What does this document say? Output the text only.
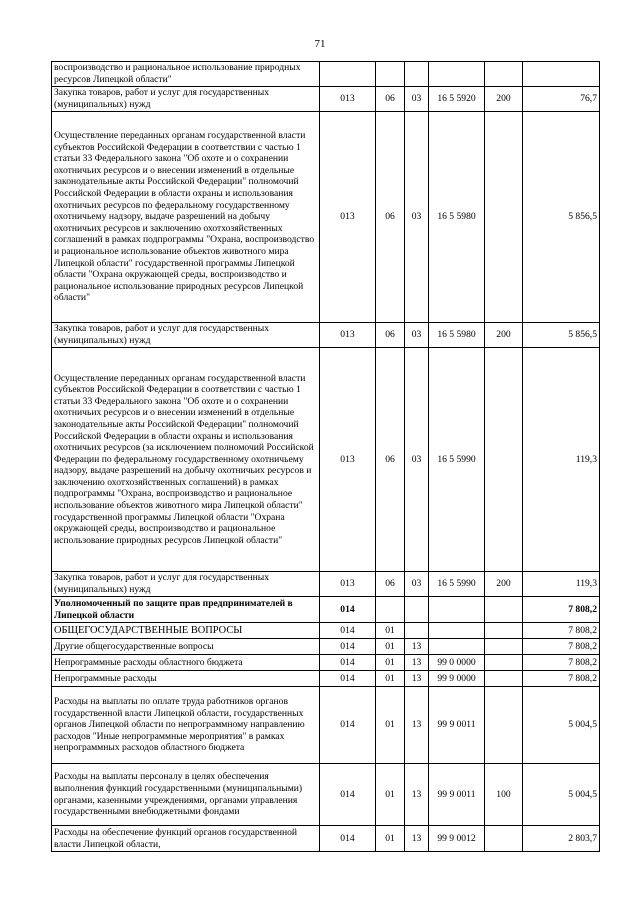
71
воспроизводство и рациональное использование природных ресурсов Липецкой области"						
Закупка товаров, работ и услуг для государственных (муниципальных) нужд	013	06	03	16 5 5920	200	76,7
Осуществление переданных органам государственной власти субъектов Российской Федерации в соответствии с частью 1 статьи 33 Федерального закона "Об охоте и о сохранении охотничьих ресурсов и о внесении изменений в отдельные законодательные акты Российской Федерации" полномочий Российской Федерации в области охраны и использования охотничьих ресурсов по федеральному государственному охотничьему надзору, выдаче разрешений на добычу охотничьих ресурсов и заключению охотхозяйственных соглашений в рамках подпрограммы "Охрана, воспроизводство и рациональное использование объектов животного мира Липецкой области" государственной программы Липецкой области "Охрана окружающей среды, воспроизводство и рациональное использование природных ресурсов Липецкой области"	013	06	03	16 5 5980		5 856,5
Закупка товаров, работ и услуг для государственных (муниципальных) нужд	013	06	03	16 5 5980	200	5 856,5
Осуществление переданных органам государственной власти субъектов Российской Федерации в соответствии с частью 1 статьи 33 Федерального закона "Об охоте и о сохранении охотничьих ресурсов и о внесении изменений в отдельные законодательные акты Российской Федерации" полномочий Российской Федерации в области охраны и использования охотничьих ресурсов (за исключением полномочий Российской Федерации по федеральному государственному охотничьему надзору, выдаче разрешений на добычу охотничьих ресурсов и заключению охотхозяйственных соглашений) в рамках подпрограммы "Охрана, воспроизводство и рациональное использование объектов животного мира Липецкой области" государственной программы Липецкой области "Охрана окружающей среды, воспроизводство и рациональное использование природных ресурсов Липецкой области"	013	06	03	16 5 5990		119,3
Закупка товаров, работ и услуг для государственных (муниципальных) нужд	013	06	03	16 5 5990	200	119,3
Уполномоченный по защите прав предпринимателей в Липецкой области	014					7 808,2
ОБЩЕГОСУДАРСТВЕННЫЕ ВОПРОСЫ	014	01				7 808,2
Другие общегосударственные вопросы	014	01	13			7 808,2
Непрограммные расходы областного бюджета	014	01	13	99 0 0000		7 808,2
Непрограммные расходы	014	01	13	99 9 0000		7 808,2
Расходы на выплаты по оплате труда работников органов государственной власти Липецкой области, государственных органов Липецкой области по непрограммному направлению расходов "Иные непрограммные мероприятия" в рамках непрограммных расходов областного бюджета	014	01	13	99 9 0011		5 004,5
Расходы на выплаты персоналу в целях обеспечения выполнения функций государственными (муниципальными) органами, казенными учреждениями, органами управления государственными внебюджетными фондами	014	01	13	99 9 0011	100	5 004,5
Расходы на обеспечение функций органов государственной власти Липецкой области,	014	01	13	99 9 0012		2 803,7
